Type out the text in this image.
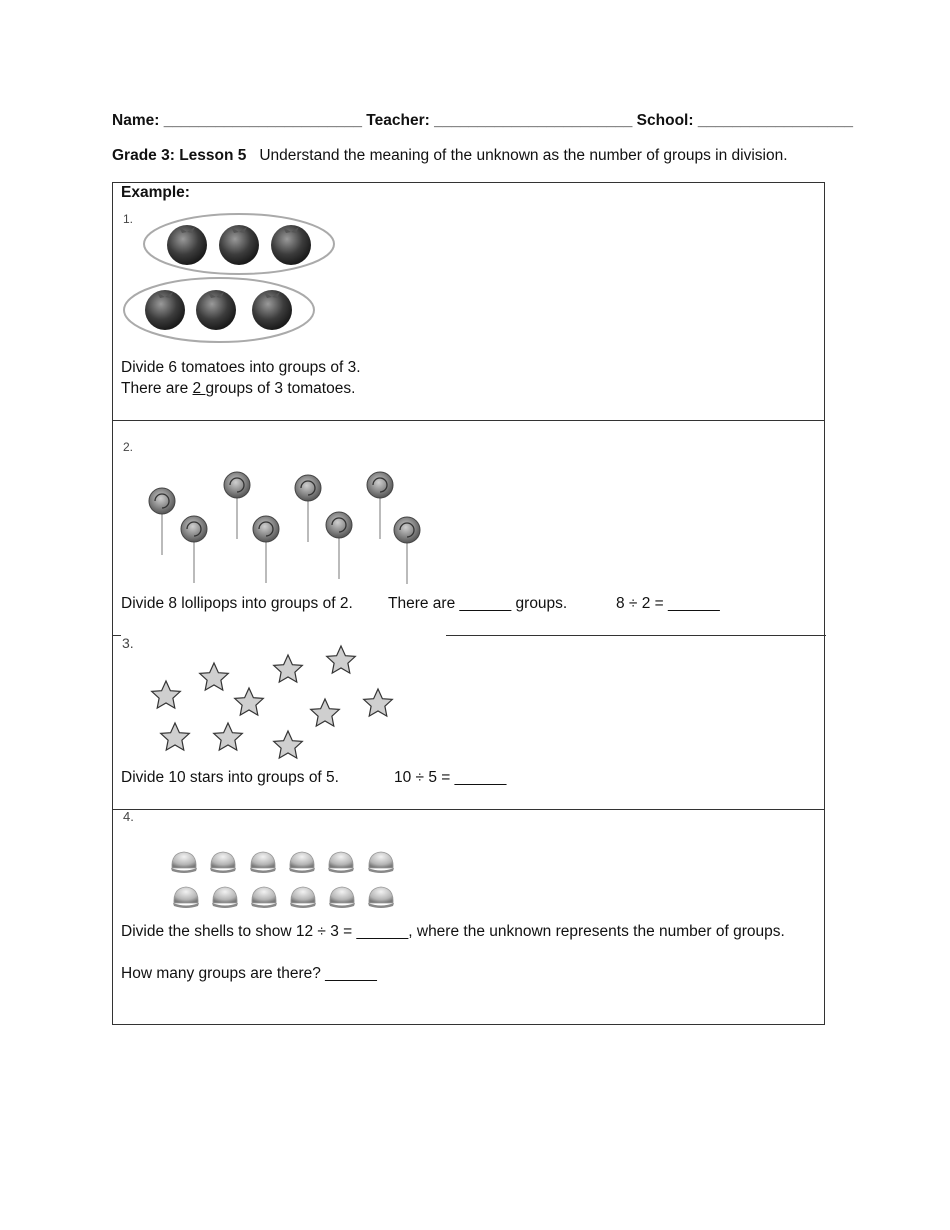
Name: _______________________ Teacher: _______________________ School: __________________
Grade 3: Lesson 5 Understand the meaning of the unknown as the number of groups in division.
Example:
1.
Divide 6 tomatoes into groups of 3.
There are 2 groups of 3 tomatoes.
2.
Divide 8 lollipops into groups of 2. There are ______ groups.	8 ÷ 2 = ______
3.
Divide 10 stars into groups of 5.	10 ÷ 5 = ______
4.
Divide the shells to show 12 ÷ 3 = ______, where the unknown represents the number of groups.
How many groups are there? ______
